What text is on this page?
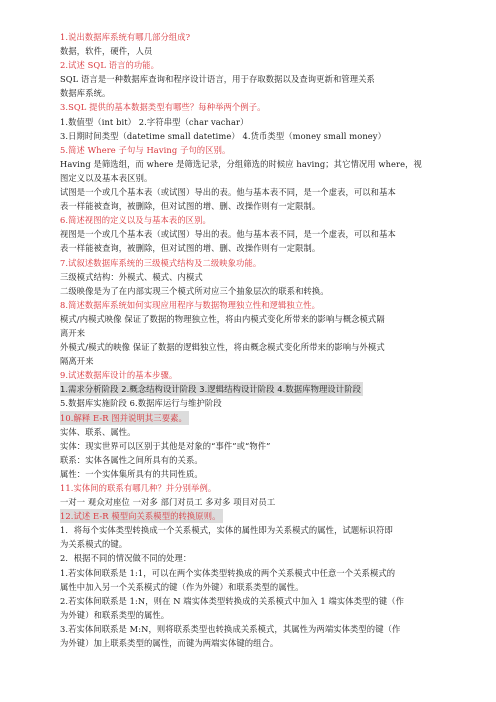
1.说出数据库系统有哪几部分组成?
数据，软件，硬件，人员
2.试述 SQL 语言的功能。
SQL 语言是一种数据库查询和程序设计语言，用于存取数据以及查询更新和管理关系
数据库系统。
3.SQL 提供的基本数据类型有哪些？每种举两个例子。
1.数值型（int bit） 2.字符串型（char vachar）
3.日期时间类型（datetime small datetime） 4.货币类型（money small money）
5.简述 Where 子句与 Having 子句的区别。
Having 是筛选组，而 where 是筛选记录，分组筛选的时候应 having；其它情况用 where，视
图定义以及基本表区别。
试图是一个或几个基本表（或试图）导出的表。他与基本表不同，是一个虚表，可以和基本
表一样能被查询，被删除，但对试图的增、删、改操作则有一定限制。
6.简述视图的定义以及与基本表的区别。
视图是一个或几个基本表（或试图）导出的表。他与基本表不同，是一个虚表，可以和基本
表一样能被查询，被删除，但对试图的增、删、改操作则有一定限制。
7.试叙述数据库系统的三级模式结构及二级映象功能。
三级模式结构：外模式、模式、内模式
二级映像是为了在内部实现三个模式所对应三个抽象层次的联系和转换。
8.简述数据库系统如何实现应用程序与数据物理独立性和逻辑独立性。
模式/内模式映像 保证了数据的物理独立性，将由内模式变化所带来的影响与概念模式隔
离开来
外模式/模式的映像 保证了数据的逻辑独立性，将由概念模式变化所带来的影响与外模式
隔离开来
9.试述数据库设计的基本步骤。
1.需求分析阶段 2.概念结构设计阶段 3.逻辑结构设计阶段 4.数据库物理设计阶段
5.数据库实施阶段 6.数据库运行与维护阶段
10.解释 E-R 图并说明其三要素。
实体、联系、属性。
实体：现实世界可以区别于其他是对象的“事件”或“物件”
联系：实体各属性之间所具有的关系。
属性：一个实体集所具有的共同性质。
11.实体间的联系有哪几种？并分别举例。
一对一 观众对座位 一对多 部门对员工 多对多 项目对员工
12.试述 E-R 模型向关系模型的转换原则。
1．将每个实体类型转换成一个关系模式，实体的属性即为关系模式的属性，试题标识符即
为关系模式的键。
2．根据不同的情况做不同的处理：
1.若实体间联系是 1:1，可以在两个实体类型转换成的两个关系模式中任意一个关系模式的
属性中加入另一个关系模式的键（作为外键）和联系类型的属性。
2.若实体间联系是 1:N，则在 N 端实体类型转换成的关系模式中加入 1 端实体类型的键（作
为外键）和联系类型的属性。
3.若实体间联系是 M:N，则将联系类型也转换成关系模式，其属性为两端实体类型的键（作
为外键）加上联系类型的属性，而键为两端实体键的组合。
